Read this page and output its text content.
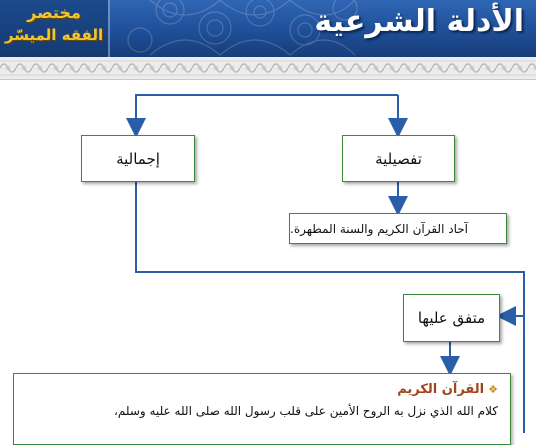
مختصر
الفقه الميسّر	الأدلة الشرعية
إجمالية	تفصيلية
آحاد القرآن الكريم والسنة المطهرة.
متفق عليها
❖
القرآن الكريم
كلام الله الذي نزل به الروح الأمين على قلب رسول الله صلى الله عليه وسلم،
